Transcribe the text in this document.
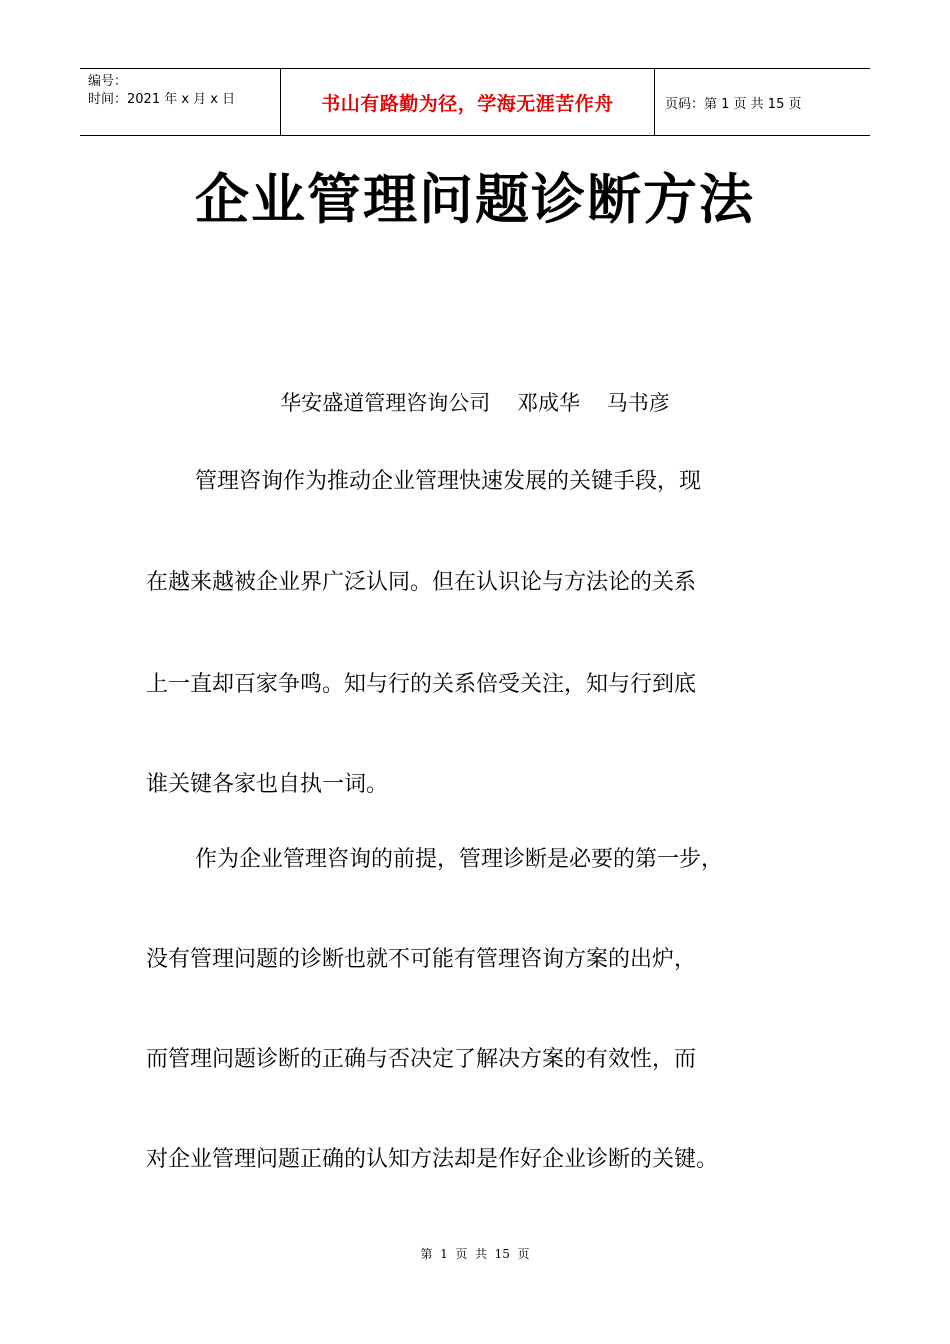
编号：
时间：2021 年 x 月 x 日	书山有路勤为径，学海无涯苦作舟	页码：第 1 页 共 15 页
企业管理问题诊断方法
华安盛道管理咨询公司    邓成华    马书彦
管理咨询作为推动企业管理快速发展的关键手段，现
在越来越被企业界广泛认同。但在认识论与方法论的关系
上一直却百家争鸣。知与行的关系倍受关注，知与行到底
谁关键各家也自执一词。
作为企业管理咨询的前提，管理诊断是必要的第一步，
没有管理问题的诊断也就不可能有管理咨询方案的出炉，
而管理问题诊断的正确与否决定了解决方案的有效性，而
对企业管理问题正确的认知方法却是作好企业诊断的关键。
第  1  页  共  15  页
